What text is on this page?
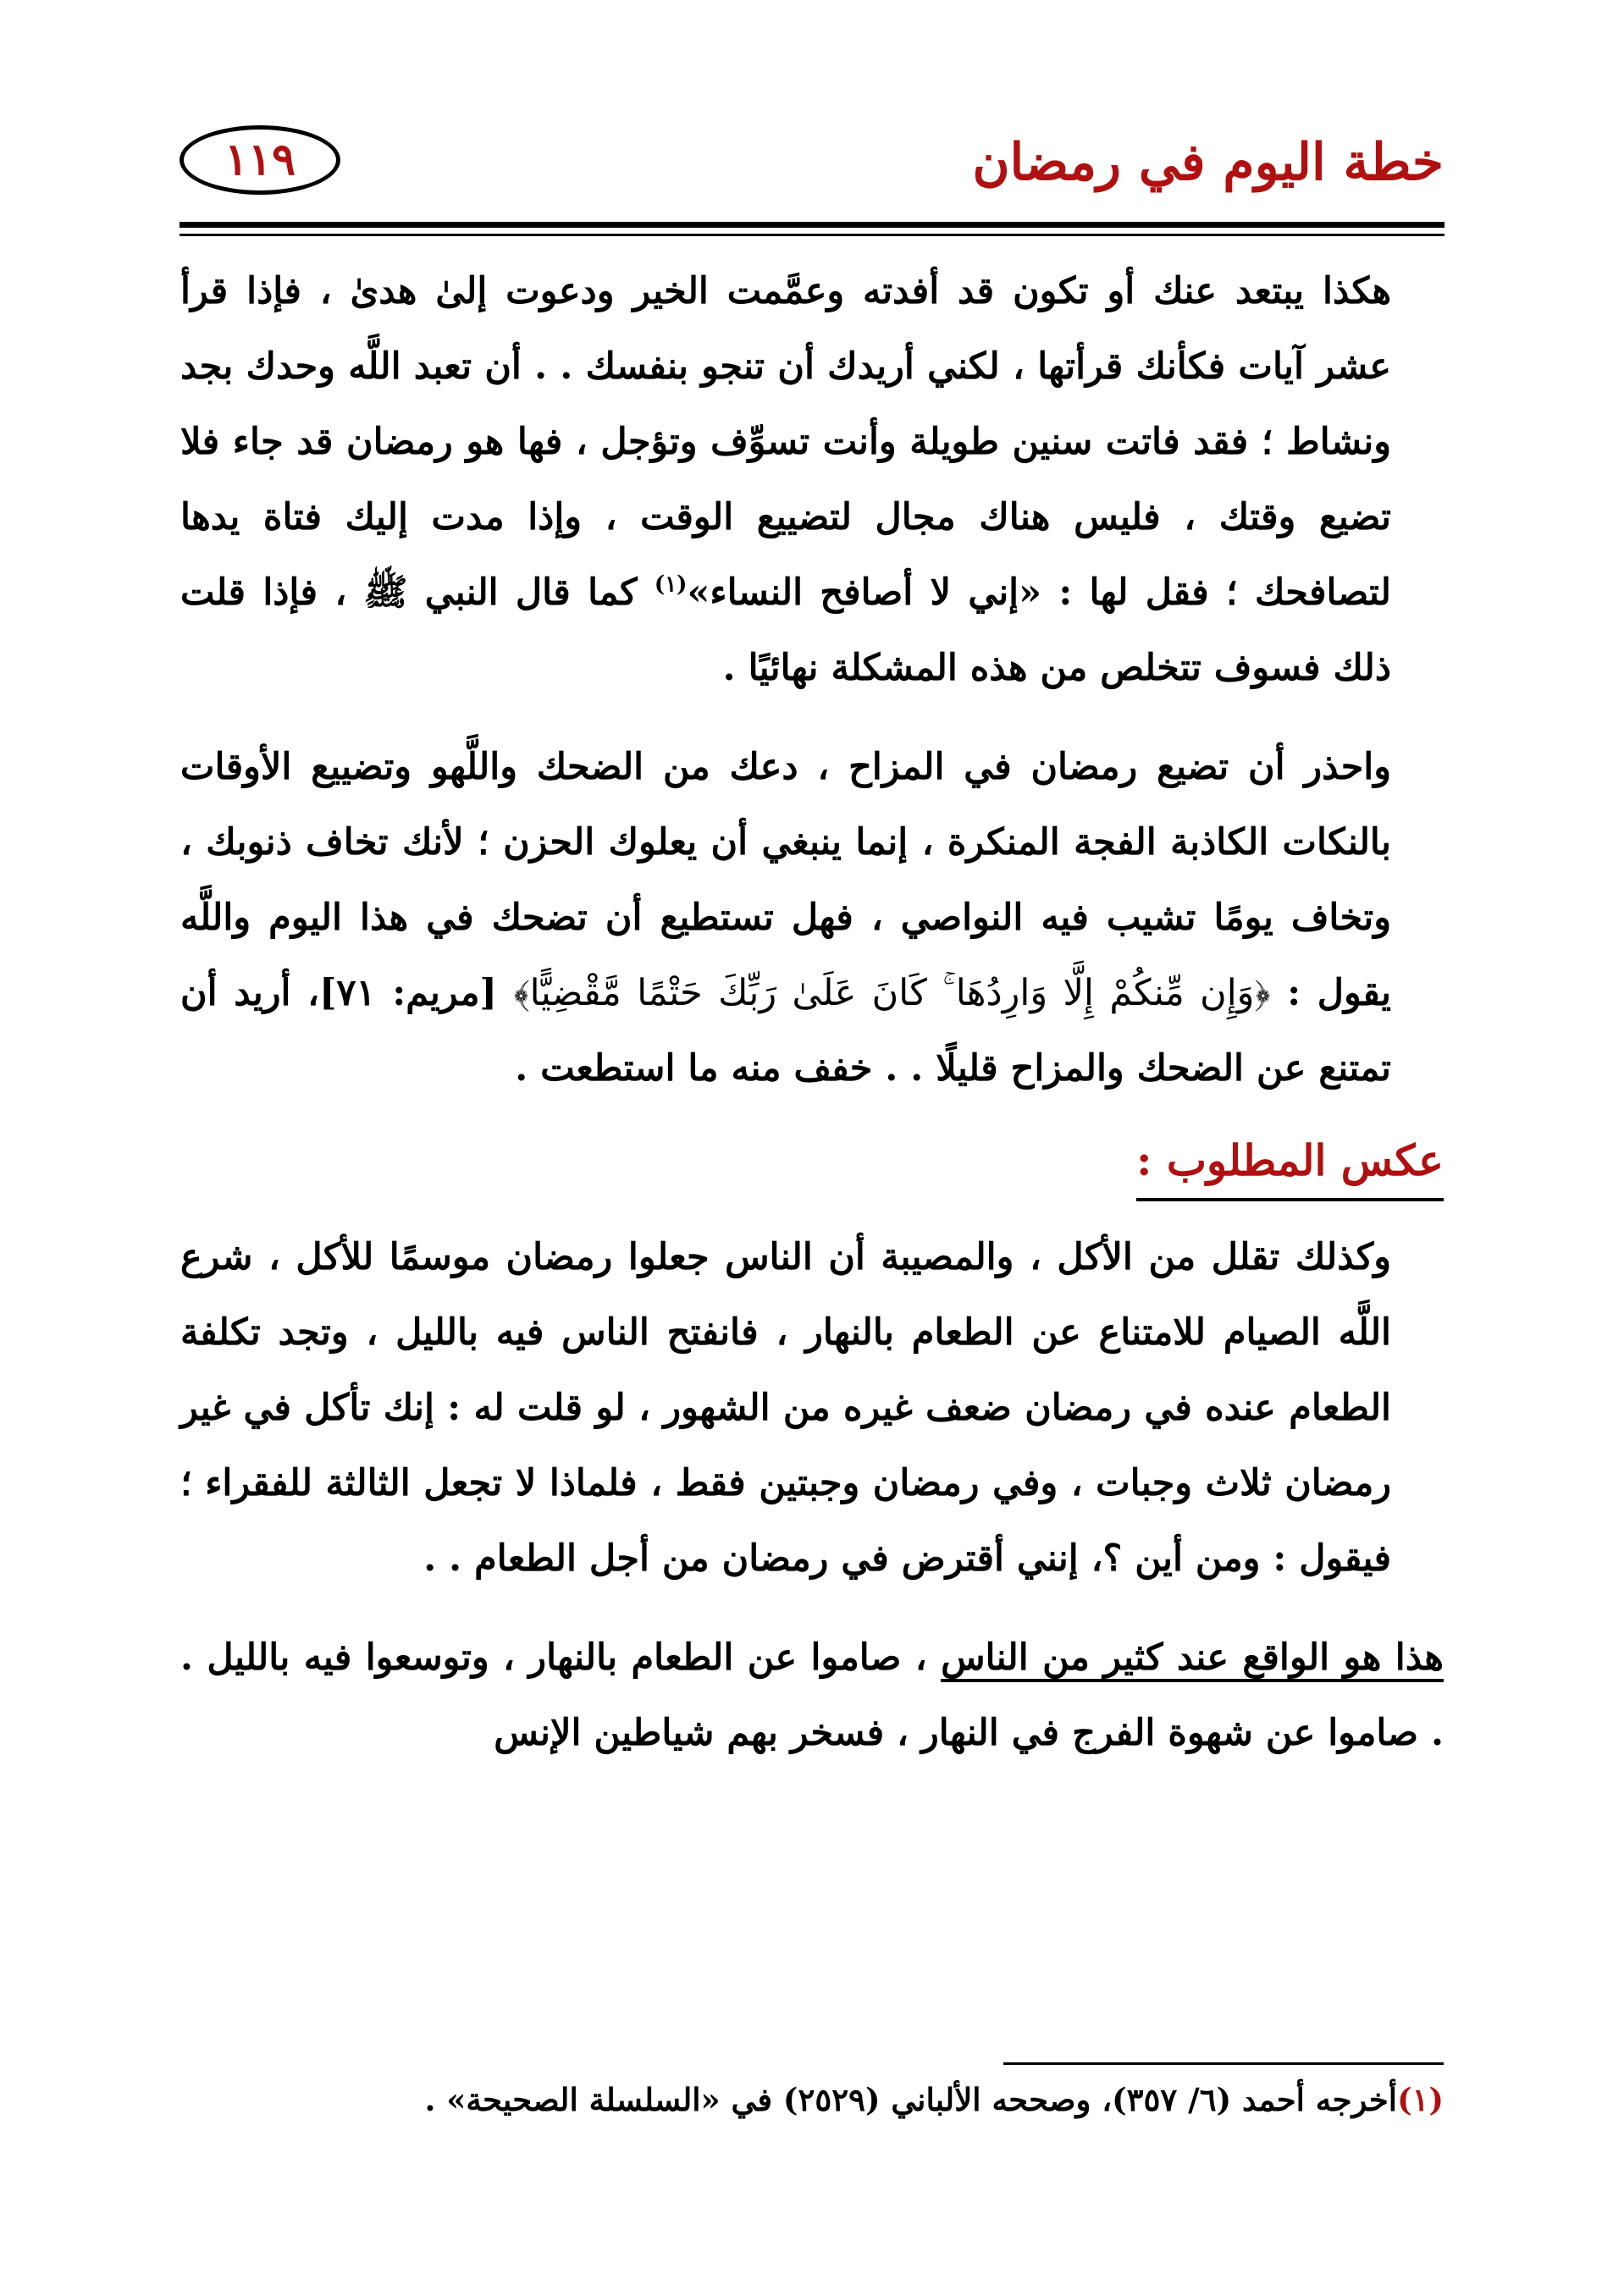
خطة اليوم في رمضان
١١٩

هكذا يبتعد عنك أو تكون قد أفدته وعمَّمت الخير ودعوت إلىٰ هدىٰ ، فإذا قرأ عشر آيات فكأنك قرأتها ، لكني أريدك أن تنجو بنفسك . . أن تعبد اللَّه وحدك بجد ونشاط ؛ فقد فاتت سنين طويلة وأنت تسوِّف وتؤجل ، فها هو رمضان قد جاء فلا تضيع وقتك ، فليس هناك مجال لتضييع الوقت ، وإذا مدت إليك فتاة يدها لتصافحك ؛ فقل لها : «إني لا أصافح النساء»$^{(١)}$ كما قال النبي ﷺ ، فإذا قلت ذلك فسوف تتخلص من هذه المشكلة نهائيًا .

واحذر أن تضيع رمضان في المزاح ، دعك من الضحك واللَّهو وتضييع الأوقات بالنكات الكاذبة الفجة المنكرة ، إنما ينبغي أن يعلوك الحزن ؛ لأنك تخاف ذنوبك ، وتخاف يومًا تشيب فيه النواصي ، فهل تستطيع أن تضحك في هذا اليوم واللَّه يقول : ﴿وَإِن مِّنكُمْ إِلَّا وَارِدُهَا ۚ كَانَ عَلَىٰ رَبِّكَ حَتْمًا مَّقْضِيًّا﴾ [مريم: ٧١]، أريد أن تمتنع عن الضحك والمزاح قليلًا . . خفف منه ما استطعت .

عكس المطلوب :

وكذلك تقلل من الأكل ، والمصيبة أن الناس جعلوا رمضان موسمًا للأكل ، شرع اللَّه الصيام للامتناع عن الطعام بالنهار ، فانفتح الناس فيه بالليل ، وتجد تكلفة الطعام عنده في رمضان ضعف غيره من الشهور ، لو قلت له : إنك تأكل في غير رمضان ثلاث وجبات ، وفي رمضان وجبتين فقط ، فلماذا لا تجعل الثالثة للفقراء ؛ فيقول : ومن أين ؟، إنني أقترض في رمضان من أجل الطعام . .

هذا هو الواقع عند كثير من الناس ، صاموا عن الطعام بالنهار ، وتوسعوا فيه بالليل . . صاموا عن شهوة الفرج في النهار ، فسخر بهم شياطين الإنس

(١)أخرجه أحمد (٦/ ٣٥٧)، وصححه الألباني (٢٥٢٩) في «السلسلة الصحيحة» .
